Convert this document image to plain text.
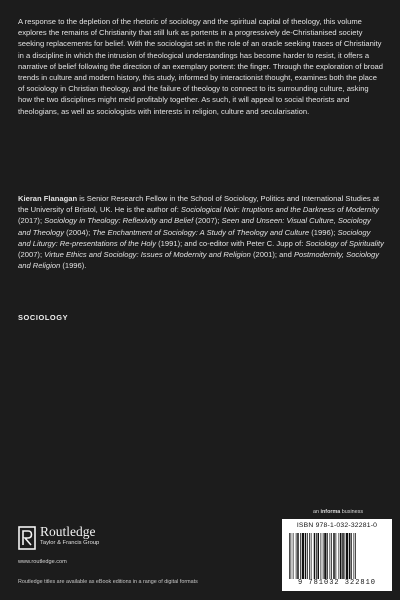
A response to the depletion of the rhetoric of sociology and the spiritual capital of theology, this volume explores the remains of Christianity that still lurk as portents in a progressively de-Christianised society seeking replacements for belief. With the sociologist set in the role of an oracle seeking traces of Christianity in a discipline in which the intrusion of theological understandings has become harder to resist, it offers a narrative of belief following the direction of an exemplary portent: the finger. Through the exploration of broad trends in culture and modern history, this study, informed by interactionist thought, examines both the place of sociology in Christian theology, and the failure of theology to connect to its surrounding culture, asking how the two disciplines might meld profitably together. As such, it will appeal to social theorists and theologians, as well as sociologists with interests in religion, culture and secularisation.

Kieran Flanagan is Senior Research Fellow in the School of Sociology, Politics and International Studies at the University of Bristol, UK. He is the author of: Sociological Noir: Irruptions and the Darkness of Modernity (2017); Sociology in Theology: Reflexivity and Belief (2007); Seen and Unseen: Visual Culture, Sociology and Theology (2004); The Enchantment of Sociology: A Study of Theology and Culture (1996); Sociology and Liturgy: Re-presentations of the Holy (1991); and co-editor with Peter C. Jupp of: Sociology of Spirituality (2007); Virtue Ethics and Sociology: Issues of Modernity and Religion (2001); and Postmodernity, Sociology and Religion (1996).

SOCIOLOGY
an informa business
Routledge
Taylor & Francis Group
www.routledge.com
Routledge titles are available as eBook editions in a range of digital formats
ISBN 978-1-032-32281-0
9 781032 322810
